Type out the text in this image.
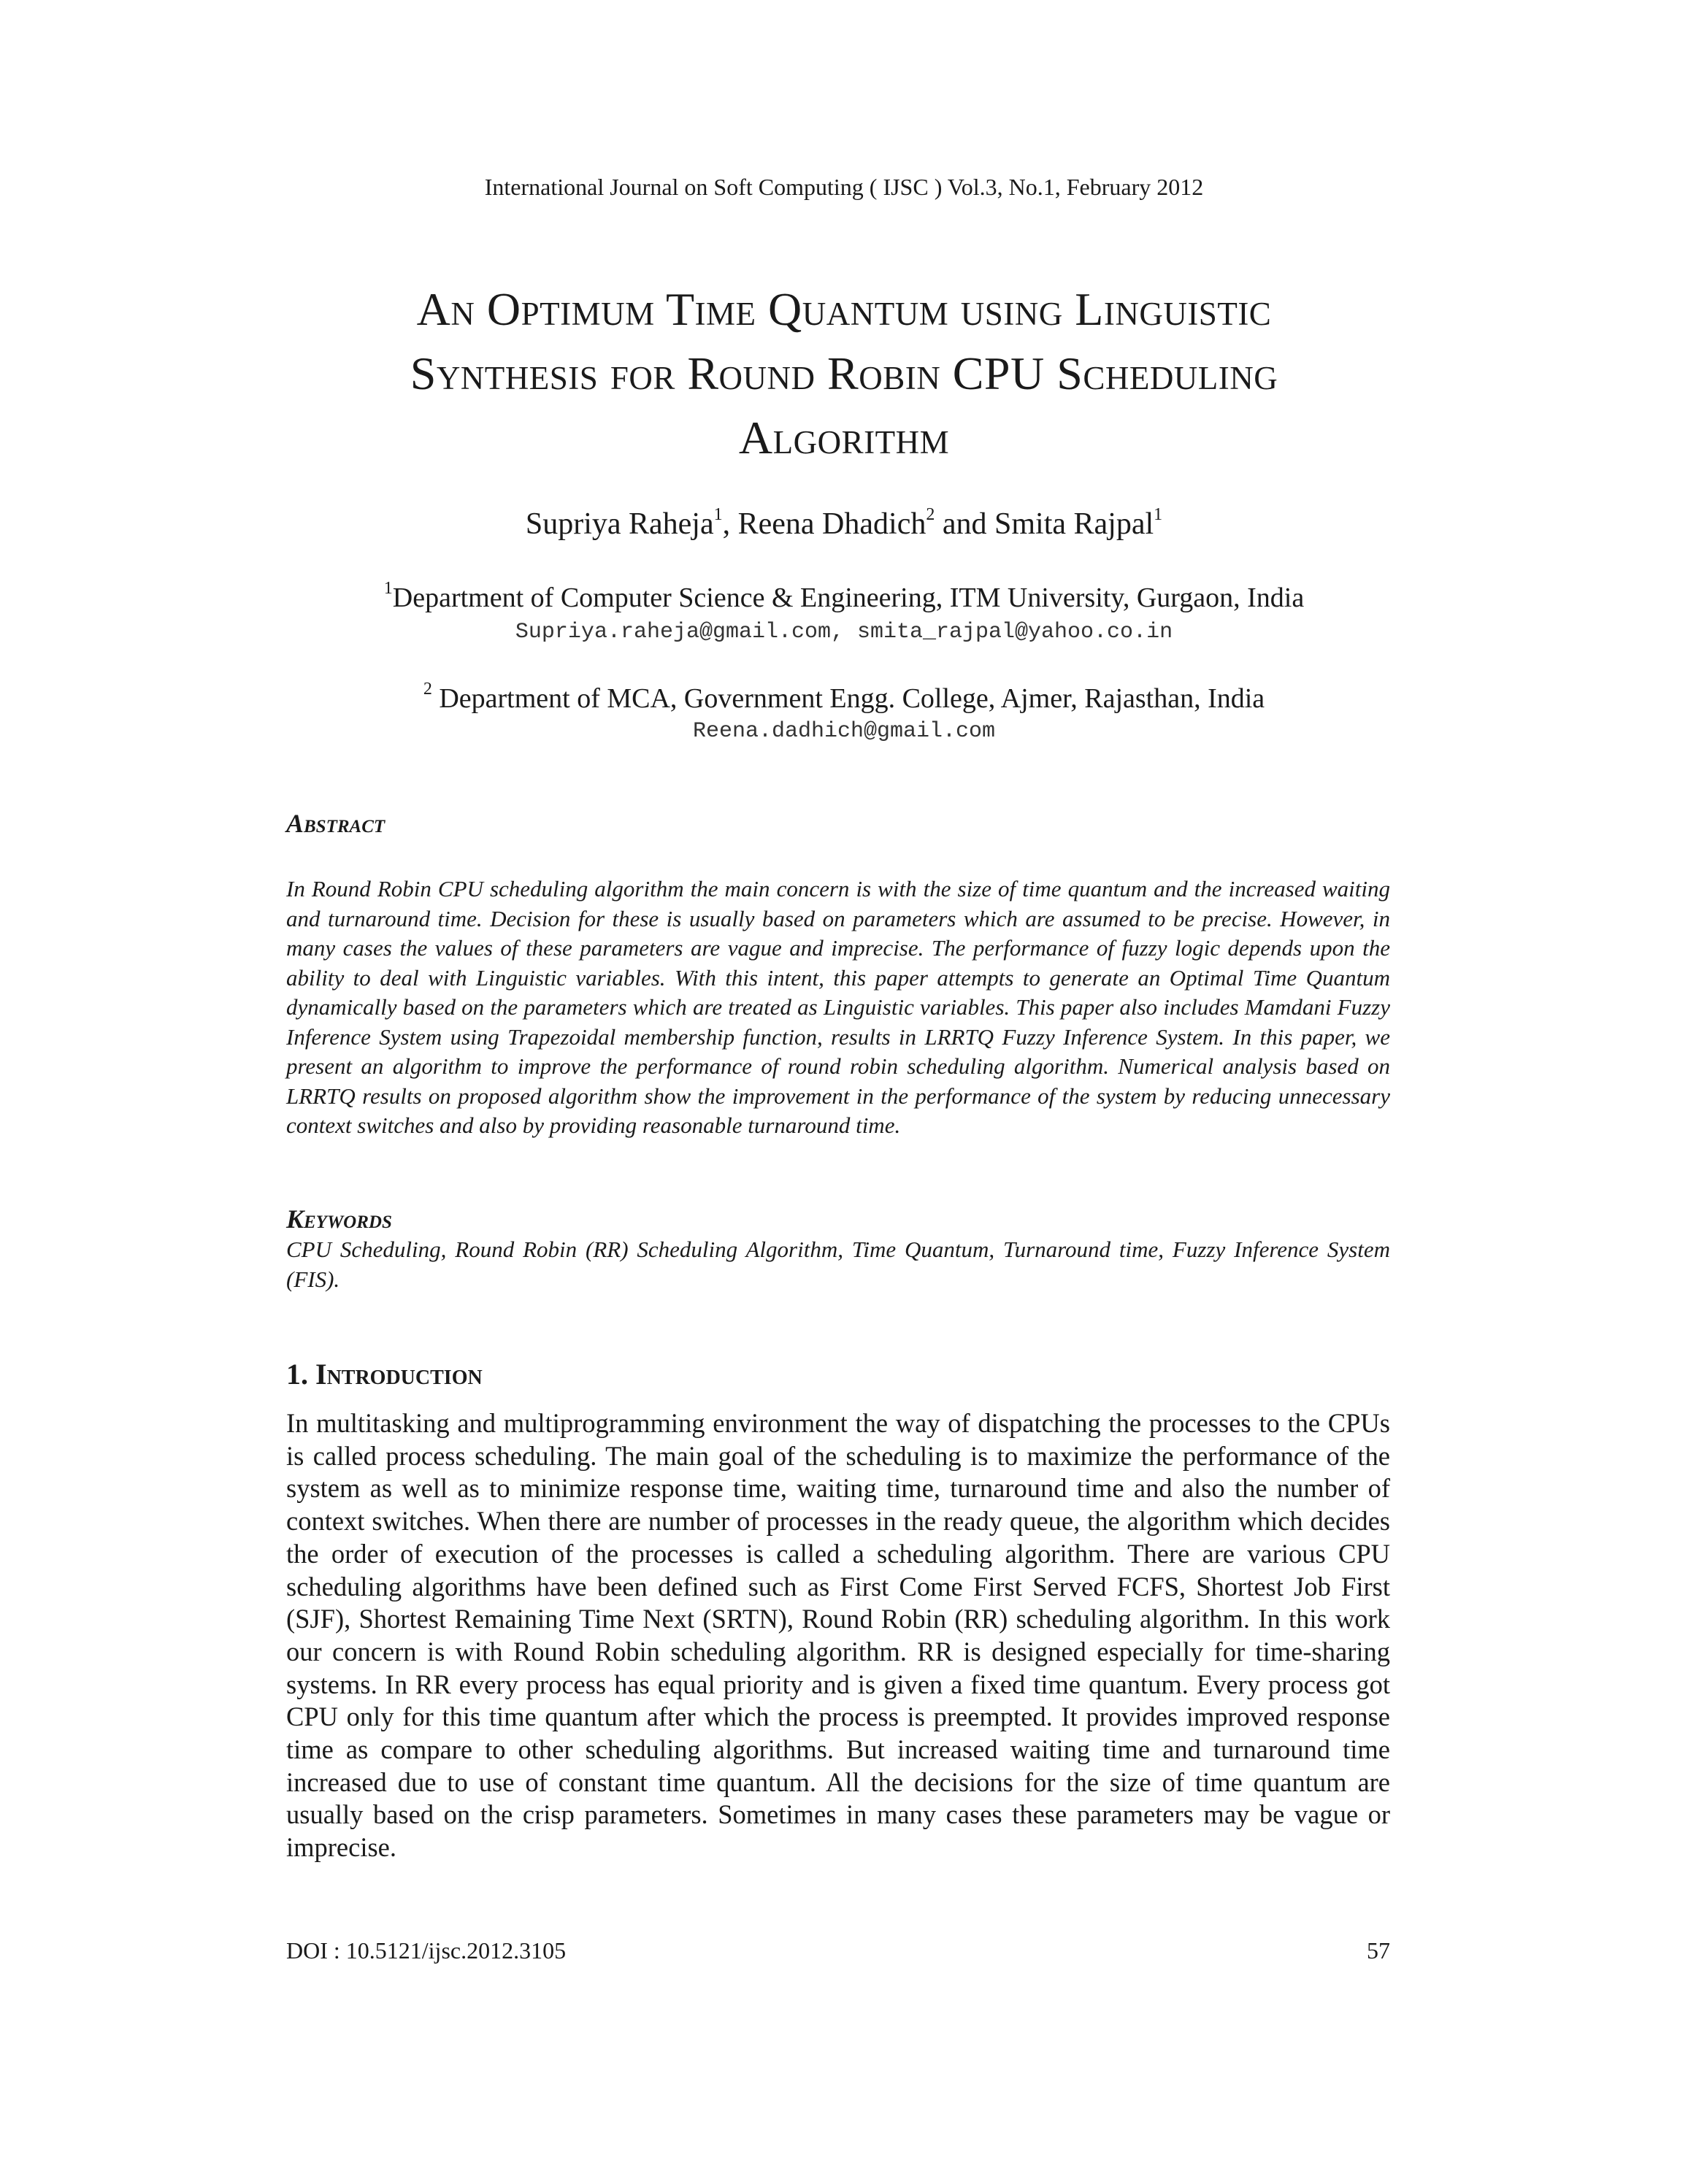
International Journal on Soft Computing ( IJSC ) Vol.3, No.1, February 2012
An Optimum Time Quantum using Linguistic
Synthesis for Round Robin CPU Scheduling
Algorithm
Supriya Raheja$^1$, Reena Dhadich$^2$ and Smita Rajpal$^1$
$^1$Department of Computer Science & Engineering, ITM University, Gurgaon, India
Supriya.raheja@gmail.com, smita_rajpal@yahoo.co.in
$^2$ Department of MCA, Government Engg. College, Ajmer, Rajasthan, India
Reena.dadhich@gmail.com
Abstract
In Round Robin CPU scheduling algorithm the main concern is with the size of time quantum and the increased waiting and turnaround time. Decision for these is usually based on parameters which are assumed to be precise. However, in many cases the values of these parameters are vague and imprecise. The performance of fuzzy logic depends upon the ability to deal with Linguistic variables. With this intent, this paper attempts to generate an Optimal Time Quantum dynamically based on the parameters which are treated as Linguistic variables. This paper also includes Mamdani Fuzzy Inference System using Trapezoidal membership function, results in LRRTQ Fuzzy Inference System. In this paper, we present an algorithm to improve the performance of round robin scheduling algorithm. Numerical analysis based on LRRTQ results on proposed algorithm show the improvement in the performance of the system by reducing unnecessary context switches and also by providing reasonable turnaround time.
Keywords
CPU Scheduling, Round Robin (RR) Scheduling Algorithm, Time Quantum, Turnaround time, Fuzzy Inference System (FIS).
1. Introduction
In multitasking and multiprogramming environment the way of dispatching the processes to the CPUs is called process scheduling. The main goal of the scheduling is to maximize the performance of the system as well as to minimize response time, waiting time, turnaround time and also the number of context switches. When there are number of processes in the ready queue, the algorithm which decides the order of execution of the processes is called a scheduling algorithm. There are various CPU scheduling algorithms have been defined such as First Come First Served FCFS, Shortest Job First (SJF), Shortest Remaining Time Next (SRTN), Round Robin (RR) scheduling algorithm. In this work our concern is with Round Robin scheduling algorithm. RR is designed especially for time-sharing systems. In RR every process has equal priority and is given a fixed time quantum. Every process got CPU only for this time quantum after which the process is preempted. It provides improved response time as compare to other scheduling algorithms. But increased waiting time and turnaround time increased due to use of constant time quantum. All the decisions for the size of time quantum are usually based on the crisp parameters. Sometimes in many cases these parameters may be vague or imprecise.
DOI : 10.5121/ijsc.2012.3105	57
